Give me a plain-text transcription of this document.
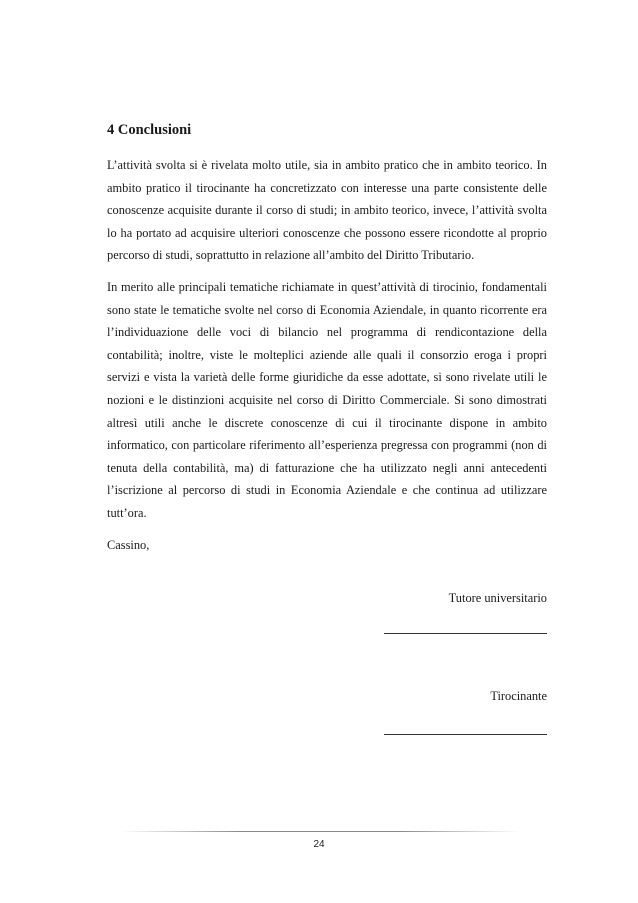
4 Conclusioni

L’attività svolta si è rivelata molto utile, sia in ambito pratico che in ambito teorico. In ambito pratico il tirocinante ha concretizzato con interesse una parte consistente delle conoscenze acquisite durante il corso di studi; in ambito teorico, invece, l’attività svolta lo ha portato ad acquisire ulteriori conoscenze che possono essere ricondotte al proprio percorso di studi, soprattutto in relazione all’ambito del Diritto Tributario.

In merito alle principali tematiche richiamate in quest’attività di tirocinio, fondamentali sono state le tematiche svolte nel corso di Economia Aziendale, in quanto ricorrente era l’individuazione delle voci di bilancio nel programma di rendicontazione della contabilità; inoltre, viste le molteplici aziende alle quali il consorzio eroga i propri servizi e vista la varietà delle forme giuridiche da esse adottate, si sono rivelate utili le nozioni e le distinzioni acquisite nel corso di Diritto Commerciale. Si sono dimostrati altresì utili anche le discrete conoscenze di cui il tirocinante dispone in ambito informatico, con particolare riferimento all’esperienza pregressa con programmi (non di tenuta della contabilità, ma) di fatturazione che ha utilizzato negli anni antecedenti l’iscrizione al percorso di studi in Economia Aziendale e che continua ad utilizzare tutt’ora.

Cassino,

Tutore universitario
Tirocinante
24
